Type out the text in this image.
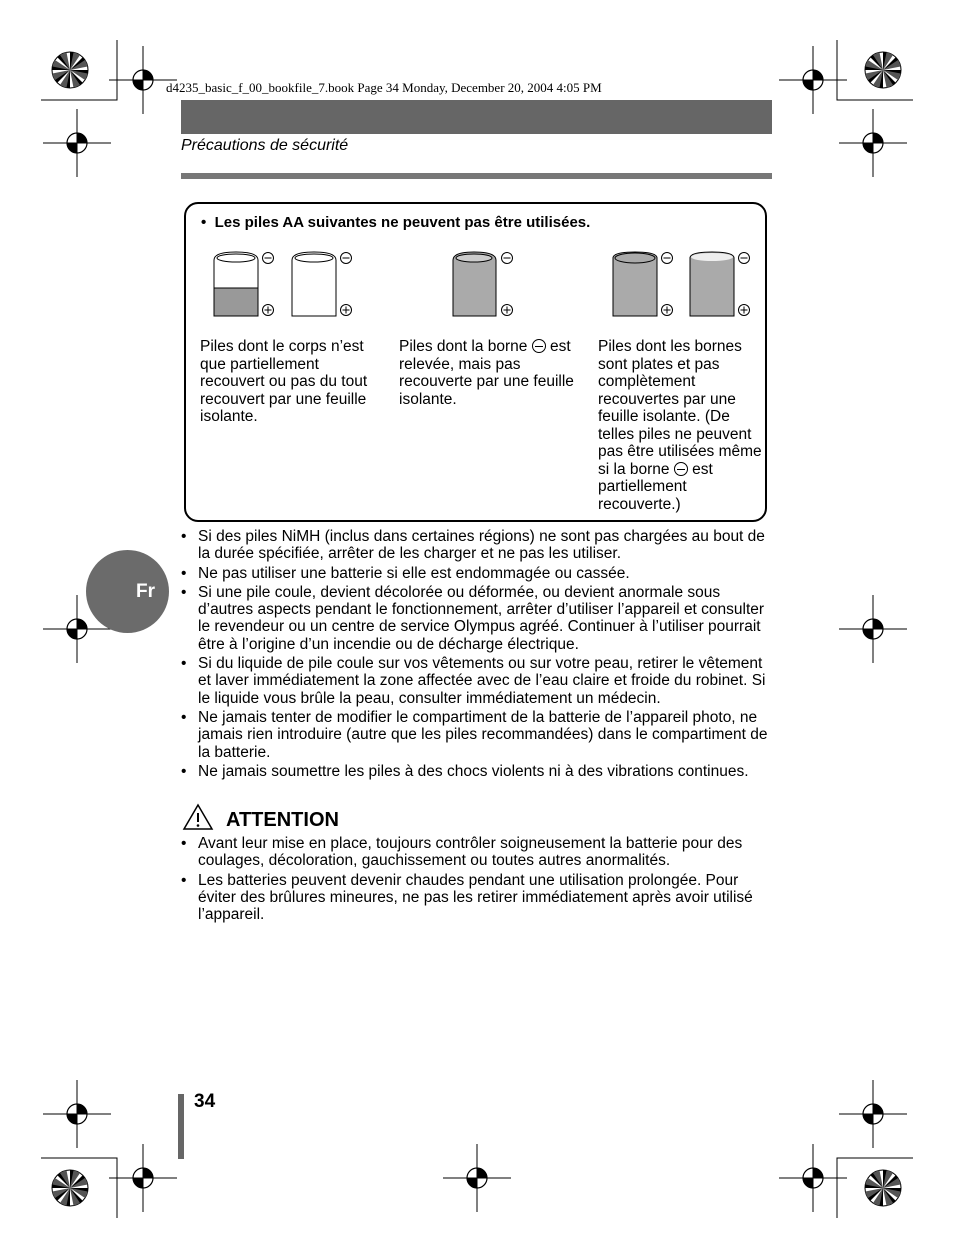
d4235_basic_f_00_bookfile_7.book Page 34 Monday, December 20, 2004 4:05 PM
Précautions de sécurité
•  Les piles AA suivantes ne peuvent pas être utilisées.
Piles dont le corps n’est que partiellement recouvert ou pas du tout recouvert par une feuille isolante.
Piles dont la borne est relevée, mais pas recouverte par une feuille isolante.
Piles dont les bornes sont plates et pas complètement recouvertes par une feuille isolante. (De telles piles ne peuvent pas être utilisées même si la borne est partiellement recouverte.)
Fr
• Si des piles NiMH (inclus dans certaines régions) ne sont pas chargées au bout de la durée spécifiée, arrêter de les charger et ne pas les utiliser.
• Ne pas utiliser une batterie si elle est endommagée ou cassée.
• Si une pile coule, devient décolorée ou déformée, ou devient anormale sous d’autres aspects pendant le fonctionnement, arrêter d’utiliser l’appareil et consulter le revendeur ou un centre de service Olympus agréé. Continuer à l’utiliser pourrait être à l’origine d’un incendie ou de décharge électrique.
• Si du liquide de pile coule sur vos vêtements ou sur votre peau, retirer le vêtement et laver immédiatement la zone affectée avec de l’eau claire et froide du robinet. Si le liquide vous brûle la peau, consulter immédiatement un médecin.
• Ne jamais tenter de modifier le compartiment de la batterie de l’appareil photo, ne jamais rien introduire (autre que les piles recommandées) dans le compartiment de la batterie.
• Ne jamais soumettre les piles à des chocs violents ni à des vibrations continues.
ATTENTION
• Avant leur mise en place, toujours contrôler soigneusement la batterie pour des coulages, décoloration, gauchissement ou toutes autres anormalités.
• Les batteries peuvent devenir chaudes pendant une utilisation prolongée. Pour éviter des brûlures mineures, ne pas les retirer immédiatement après avoir utilisé l’appareil.
34
